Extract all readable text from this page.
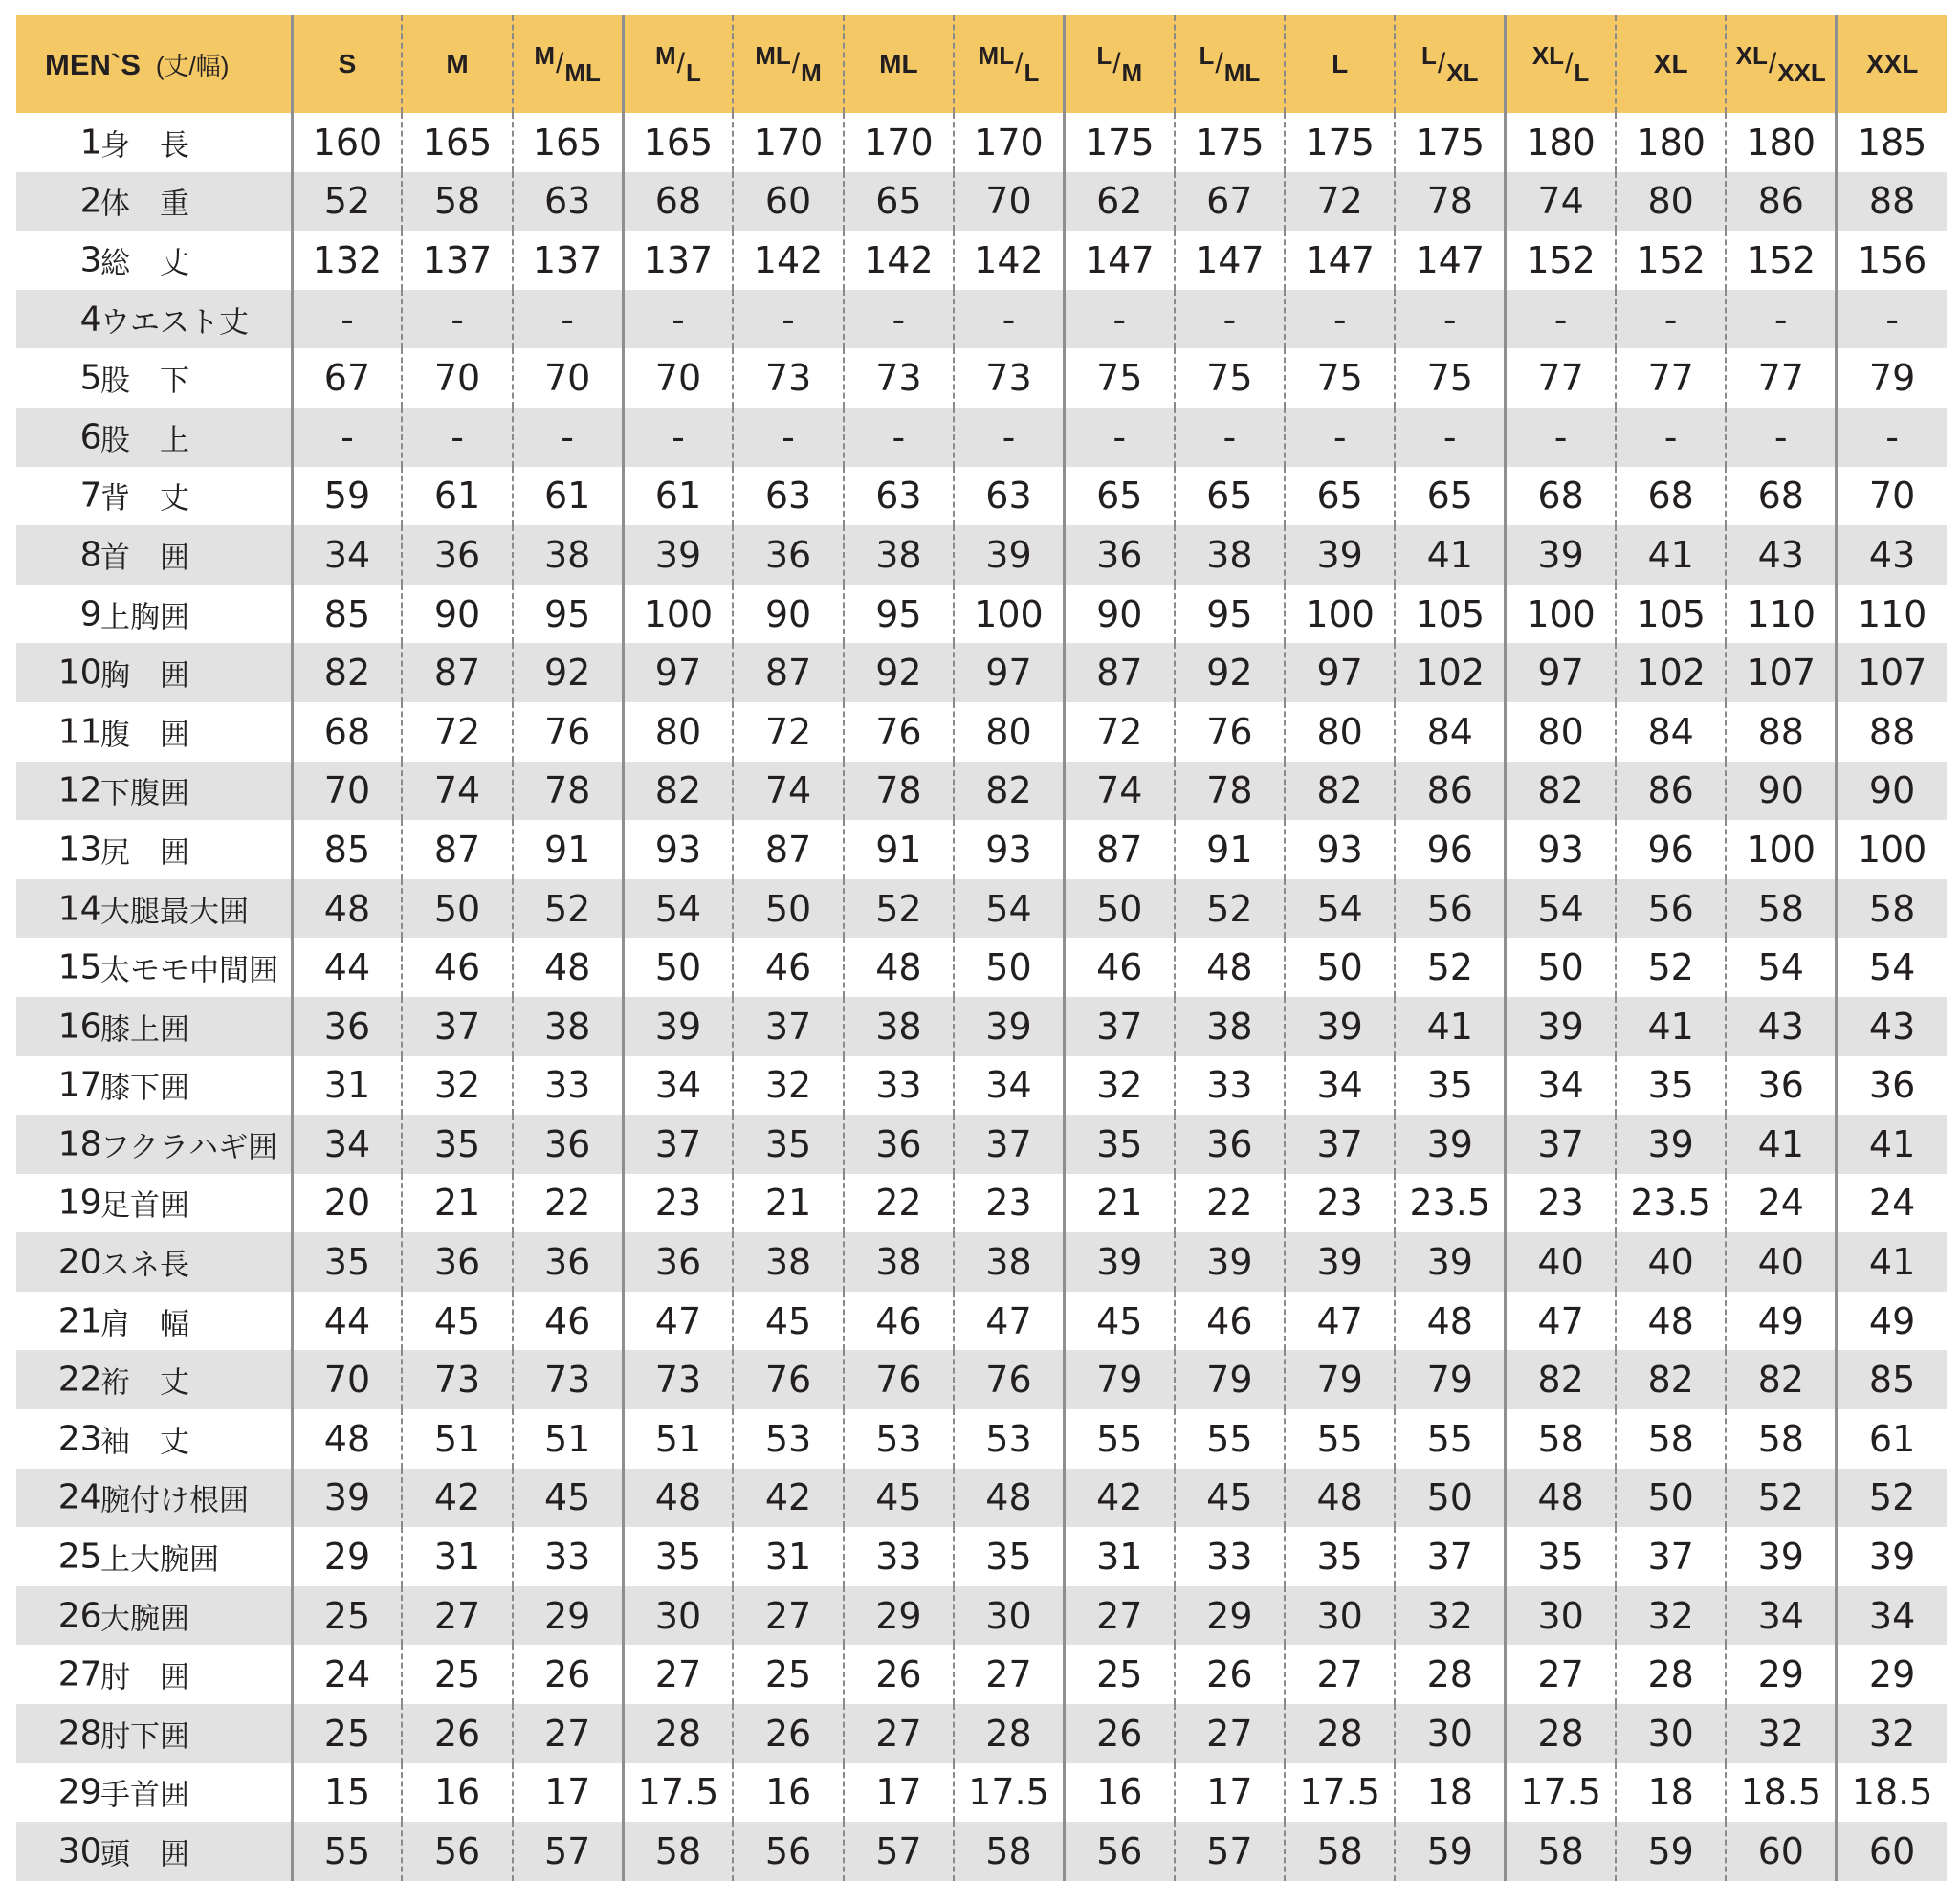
MEN`S (丈/幅)	S	M	M/ML	M/L	ML/M	ML	ML/L	L/M	L/ML	L	L/XL	XL/L	XL	XL/XXL	XXL

1
身　長	160	165	165	165	170	170	170	175	175	175	175	180	180	180	185

2
体　重	52	58	63	68	60	65	70	62	67	72	78	74	80	86	88

3
総　丈	132	137	137	137	142	142	142	147	147	147	147	152	152	152	156

4
ウエスト丈	-	-	-	-	-	-	-	-	-	-	-	-	-	-	-

5
股　下	67	70	70	70	73	73	73	75	75	75	75	77	77	77	79

6
股　上	-	-	-	-	-	-	-	-	-	-	-	-	-	-	-

7
背　丈	59	61	61	61	63	63	63	65	65	65	65	68	68	68	70

8
首　囲	34	36	38	39	36	38	39	36	38	39	41	39	41	43	43

9
上胸囲	85	90	95	100	90	95	100	90	95	100	105	100	105	110	110

10
胸　囲	82	87	92	97	87	92	97	87	92	97	102	97	102	107	107

11
腹　囲	68	72	76	80	72	76	80	72	76	80	84	80	84	88	88

12
下腹囲	70	74	78	82	74	78	82	74	78	82	86	82	86	90	90

13
尻　囲	85	87	91	93	87	91	93	87	91	93	96	93	96	100	100

14
大腿最大囲	48	50	52	54	50	52	54	50	52	54	56	54	56	58	58

15
太モモ中間囲	44	46	48	50	46	48	50	46	48	50	52	50	52	54	54

16
膝上囲	36	37	38	39	37	38	39	37	38	39	41	39	41	43	43

17
膝下囲	31	32	33	34	32	33	34	32	33	34	35	34	35	36	36

18
フクラハギ囲	34	35	36	37	35	36	37	35	36	37	39	37	39	41	41

19
足首囲	20	21	22	23	21	22	23	21	22	23	23.5	23	23.5	24	24

20
スネ長	35	36	36	36	38	38	38	39	39	39	39	40	40	40	41

21
肩　幅	44	45	46	47	45	46	47	45	46	47	48	47	48	49	49

22
裄　丈	70	73	73	73	76	76	76	79	79	79	79	82	82	82	85

23
袖　丈	48	51	51	51	53	53	53	55	55	55	55	58	58	58	61

24
腕付け根囲	39	42	45	48	42	45	48	42	45	48	50	48	50	52	52

25
上大腕囲	29	31	33	35	31	33	35	31	33	35	37	35	37	39	39

26
大腕囲	25	27	29	30	27	29	30	27	29	30	32	30	32	34	34

27
肘　囲	24	25	26	27	25	26	27	25	26	27	28	27	28	29	29

28
肘下囲	25	26	27	28	26	27	28	26	27	28	30	28	30	32	32

29
手首囲	15	16	17	17.5	16	17	17.5	16	17	17.5	18	17.5	18	18.5	18.5

30
頭　囲	55	56	57	58	56	57	58	56	57	58	59	58	59	60	60
